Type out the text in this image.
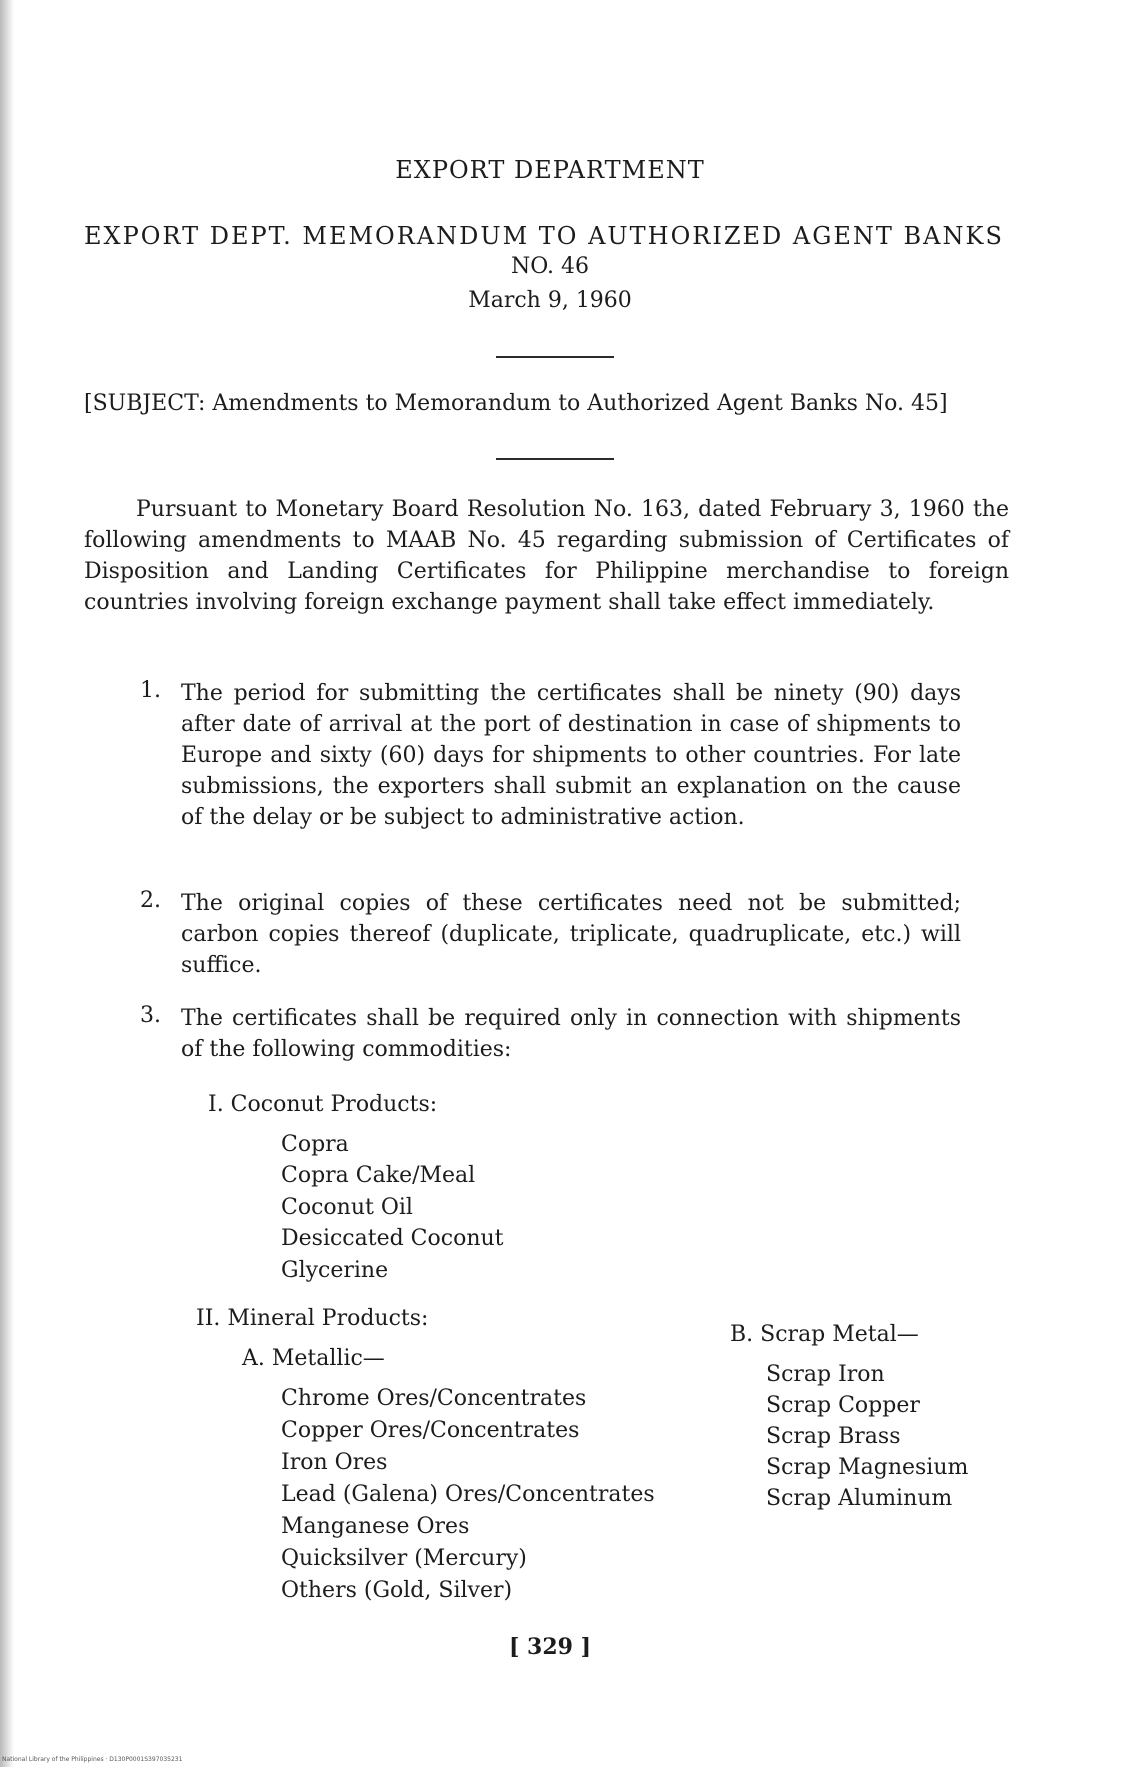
EXPORT DEPARTMENT
EXPORT DEPT. MEMORANDUM TO AUTHORIZED AGENT BANKS
NO. 46
March 9, 1960
[SUBJECT: Amendments to Memorandum to Authorized Agent Banks No. 45]
Pursuant to Monetary Board Resolution No. 163, dated February 3, 1960 the following amendments to MAAB No. 45 regarding submission of Certificates of Disposition and Landing Certificates for Philippine merchandise to foreign countries involving foreign exchange payment shall take effect immediately.
1. The period for submitting the certificates shall be ninety (90) days after date of arrival at the port of destination in case of shipments to Europe and sixty (60) days for shipments to other countries. For late submissions, the exporters shall submit an explanation on the cause of the delay or be subject to administrative action.
2. The original copies of these certificates need not be submitted; carbon copies thereof (duplicate, triplicate, quadruplicate, etc.) will suffice.
3. The certificates shall be required only in connection with shipments of the following commodities:
I. Coconut Products:
Copra
Copra Cake/Meal
Coconut Oil
Desiccated Coconut
Glycerine
II. Mineral Products:
A. Metallic—
Chrome Ores/Concentrates
Copper Ores/Concentrates
Iron Ores
Lead (Galena) Ores/Concentrates
Manganese Ores
Quicksilver (Mercury)
Others (Gold, Silver)
B. Scrap Metal—
Scrap Iron
Scrap Copper
Scrap Brass
Scrap Magnesium
Scrap Aluminum
[ 329 ]
National Library of the Philippines · D130P0001S397035231
